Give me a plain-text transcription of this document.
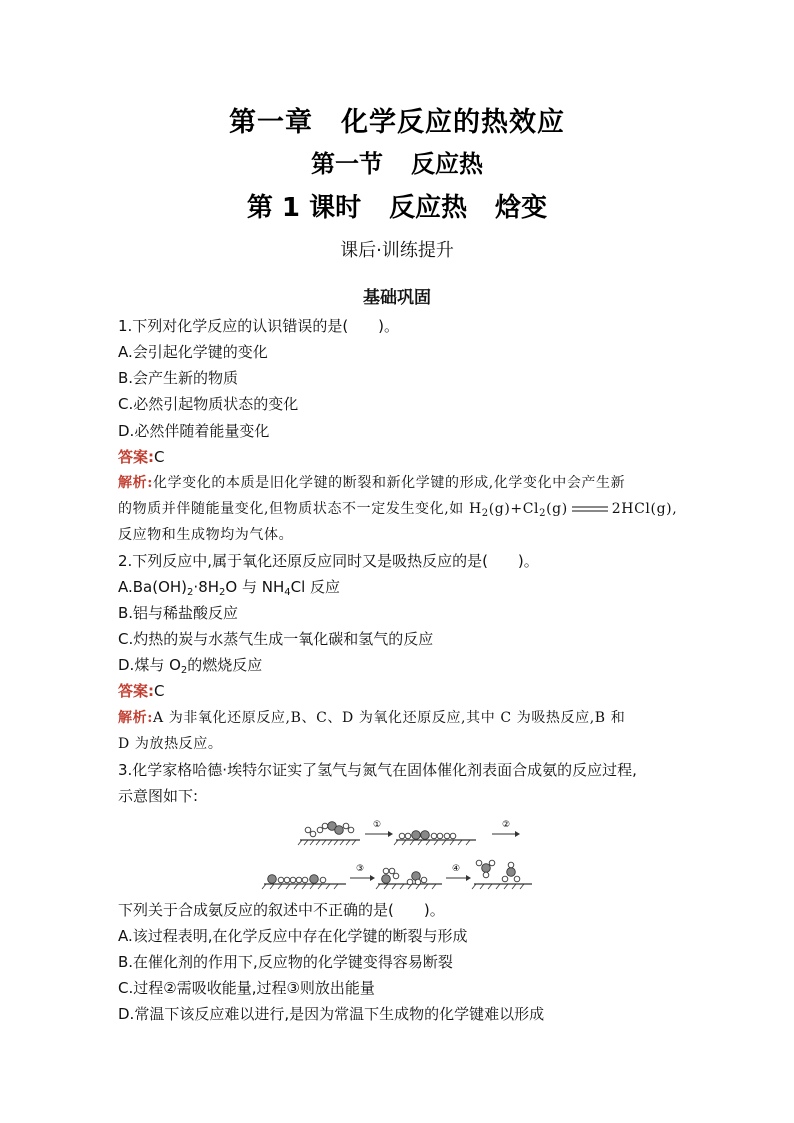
第一章 化学反应的热效应
第一节 反应热
第 1 课时 反应热 焓变
课后·训练提升
基础巩固
1.下列对化学反应的认识错误的是(　　)。
A.会引起化学键的变化
B.会产生新的物质
C.必然引起物质状态的变化
D.必然伴随着能量变化
答案:C
解析:化学变化的本质是旧化学键的断裂和新化学键的形成,化学变化中会产生新
的物质并伴随能量变化,但物质状态不一定发生变化,如 $H_2(g)+Cl_2(g)$	2HCl(g),
反应物和生成物均为气体。
2.下列反应中,属于氧化还原反应同时又是吸热反应的是(　　)。
$A.Ba(OH)_2\cdot 8H_2O$ 与 $NH_4Cl$ 反应
B.铝与稀盐酸反应
C.灼热的炭与水蒸气生成一氧化碳和氢气的反应
D.煤与 $O_2$的燃烧反应
答案:C
解析:A 为非氧化还原反应,B、C、D 为氧化还原反应,其中 C 为吸热反应,B 和
D 为放热反应。
3.化学家格哈德·埃特尔证实了氢气与氮气在固体催化剂表面合成氨的反应过程,
示意图如下:
①	②
③	④
下列关于合成氨反应的叙述中不正确的是(　　)。
A.该过程表明,在化学反应中存在化学键的断裂与形成
B.在催化剂的作用下,反应物的化学键变得容易断裂
C.过程②需吸收能量,过程③则放出能量
D.常温下该反应难以进行,是因为常温下生成物的化学键难以形成
